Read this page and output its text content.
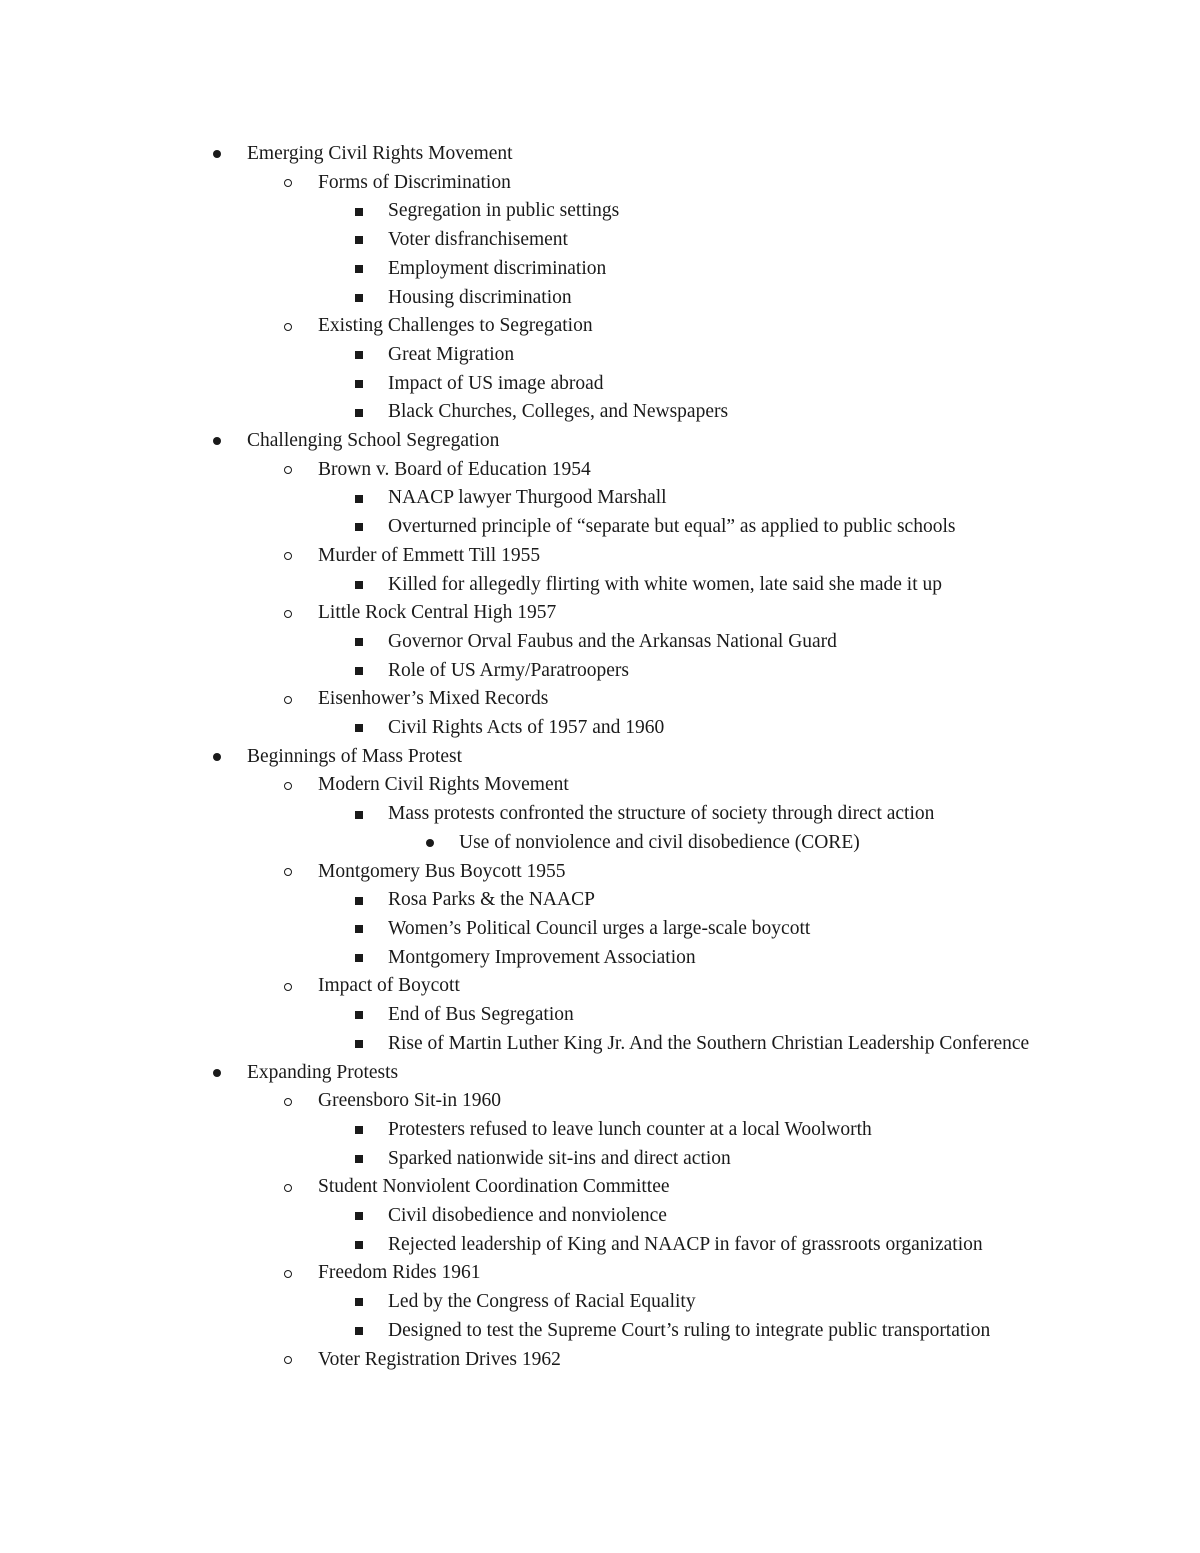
Emerging Civil Rights Movement
Forms of Discrimination
Segregation in public settings
Voter disfranchisement
Employment discrimination
Housing discrimination
Existing Challenges to Segregation
Great Migration
Impact of US image abroad
Black Churches, Colleges, and Newspapers
Challenging School Segregation
Brown v. Board of Education 1954
NAACP lawyer Thurgood Marshall
Overturned principle of “separate but equal” as applied to public schools
Murder of Emmett Till 1955
Killed for allegedly flirting with white women, late said she made it up
Little Rock Central High 1957
Governor Orval Faubus and the Arkansas National Guard
Role of US Army/Paratroopers
Eisenhower’s Mixed Records
Civil Rights Acts of 1957 and 1960
Beginnings of Mass Protest
Modern Civil Rights Movement
Mass protests confronted the structure of society through direct action
Use of nonviolence and civil disobedience (CORE)
Montgomery Bus Boycott 1955
Rosa Parks & the NAACP
Women’s Political Council urges a large-scale boycott
Montgomery Improvement Association
Impact of Boycott
End of Bus Segregation
Rise of Martin Luther King Jr. And the Southern Christian Leadership Conference
Expanding Protests
Greensboro Sit-in 1960
Protesters refused to leave lunch counter at a local Woolworth
Sparked nationwide sit-ins and direct action
Student Nonviolent Coordination Committee
Civil disobedience and nonviolence
Rejected leadership of King and NAACP in favor of grassroots organization
Freedom Rides 1961
Led by the Congress of Racial Equality
Designed to test the Supreme Court’s ruling to integrate public transportation
Voter Registration Drives 1962
